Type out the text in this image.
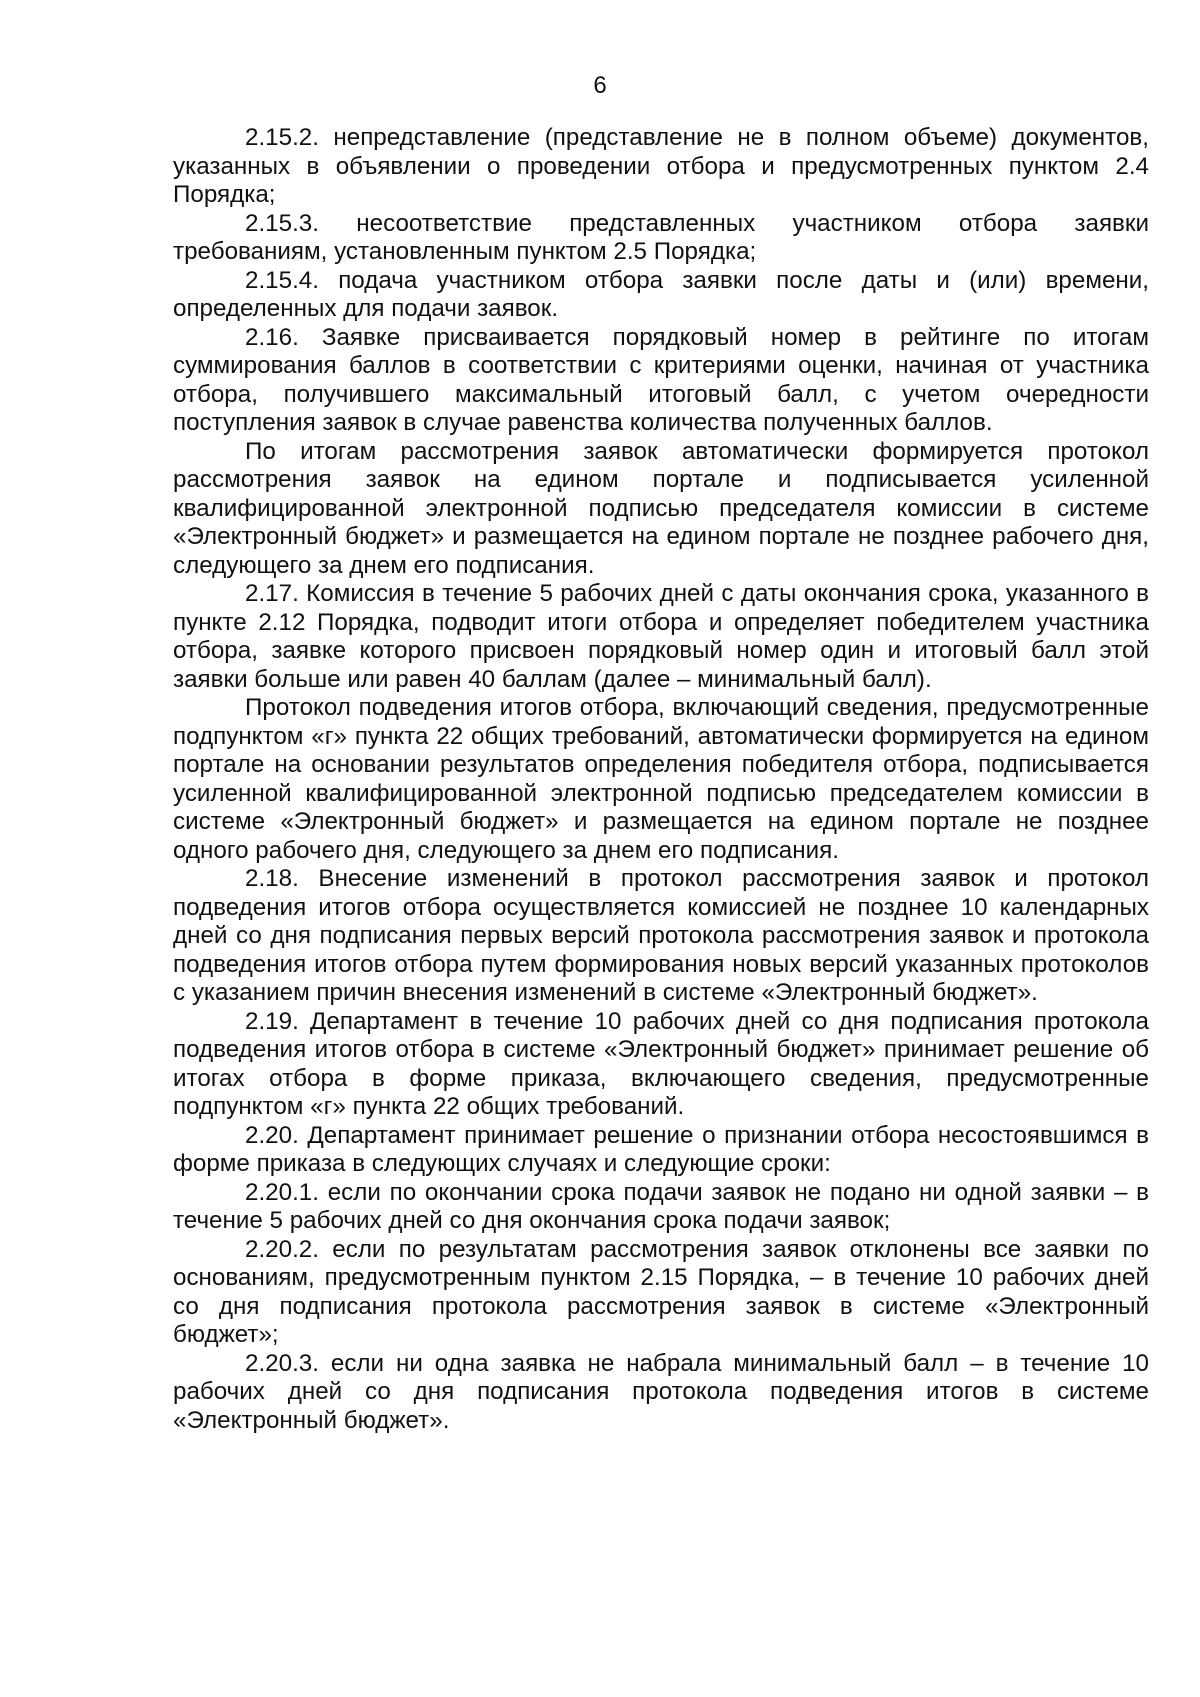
6

2.15.2. непредставление (представление не в полном объеме) документов, указанных в объявлении о проведении отбора и предусмотренных пунктом 2.4 Порядка;

2.15.3. несоответствие представленных участником отбора заявки требованиям, установленным пунктом 2.5 Порядка;

2.15.4. подача участником отбора заявки после даты и (или) времени, определенных для подачи заявок.

2.16. Заявке присваивается порядковый номер в рейтинге по итогам суммирования баллов в соответствии с критериями оценки, начиная от участника отбора, получившего максимальный итоговый балл, с учетом очередности поступления заявок в случае равенства количества полученных баллов.

По итогам рассмотрения заявок автоматически формируется протокол рассмотрения заявок на едином портале и подписывается усиленной квалифицированной электронной подписью председателя комиссии в системе «Электронный бюджет» и размещается на едином портале не позднее рабочего дня, следующего за днем его подписания.

2.17. Комиссия в течение 5 рабочих дней с даты окончания срока, указанного в пункте 2.12 Порядка, подводит итоги отбора и определяет победителем участника отбора, заявке которого присвоен порядковый номер один и итоговый балл этой заявки больше или равен 40 баллам (далее – минимальный балл).

Протокол подведения итогов отбора, включающий сведения, предусмотренные подпунктом «г» пункта 22 общих требований, автоматически формируется на едином портале на основании результатов определения победителя отбора, подписывается усиленной квалифицированной электронной подписью председателем комиссии в системе «Электронный бюджет» и размещается на едином портале не позднее одного рабочего дня, следующего за днем его подписания.

2.18. Внесение изменений в протокол рассмотрения заявок и протокол подведения итогов отбора осуществляется комиссией не позднее 10 календарных дней со дня подписания первых версий протокола рассмотрения заявок и протокола подведения итогов отбора путем формирования новых версий указанных протоколов с указанием причин внесения изменений в системе «Электронный бюджет».

2.19. Департамент в течение 10 рабочих дней со дня подписания протокола подведения итогов отбора в системе «Электронный бюджет» принимает решение об итогах отбора в форме приказа, включающего сведения, предусмотренные подпунктом «г» пункта 22 общих требований.

2.20. Департамент принимает решение о признании отбора несостоявшимся в форме приказа в следующих случаях и следующие сроки:

2.20.1. если по окончании срока подачи заявок не подано ни одной заявки – в течение 5 рабочих дней со дня окончания срока подачи заявок;

2.20.2. если по результатам рассмотрения заявок отклонены все заявки по основаниям, предусмотренным пунктом 2.15 Порядка, – в течение 10 рабочих дней со дня подписания протокола рассмотрения заявок в системе «Электронный бюджет»;

2.20.3. если ни одна заявка не набрала минимальный балл – в течение 10 рабочих дней со дня подписания протокола подведения итогов в системе «Электронный бюджет».
